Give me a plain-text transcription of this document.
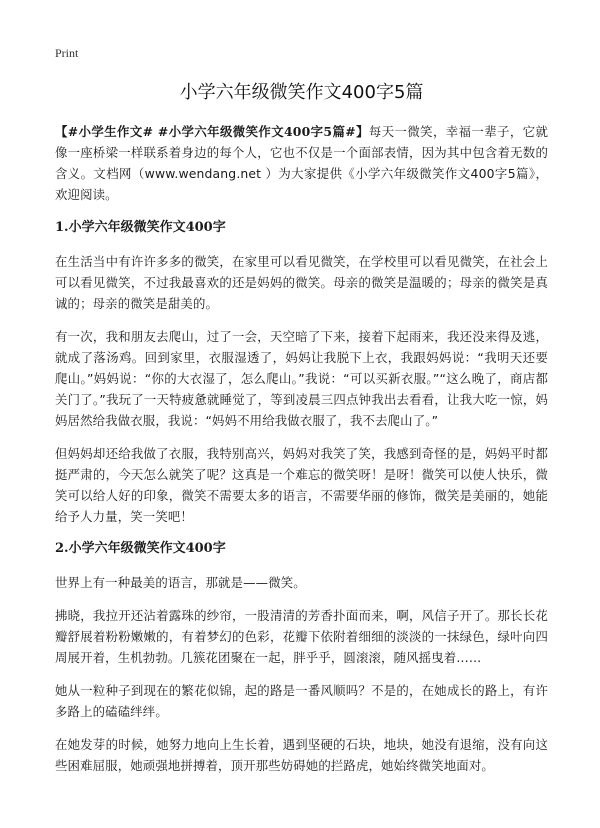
Print
小学六年级微笑作文400字5篇

【#小学生作文# #小学六年级微笑作文400字5篇#】每天一微笑，幸福一辈子，它就像一座桥梁一样联系着身边的每个人，它也不仅是一个面部表情，因为其中包含着无数的含义。文档网（www.wendang.net ）为大家提供《小学六年级微笑作文400字5篇》，欢迎阅读。

1.小学六年级微笑作文400字

在生活当中有许许多多的微笑，在家里可以看见微笑，在学校里可以看见微笑，在社会上可以看见微笑，不过我最喜欢的还是妈妈的微笑。母亲的微笑是温暖的；母亲的微笑是真诚的；母亲的微笑是甜美的。

有一次，我和朋友去爬山，过了一会，天空暗了下来，接着下起雨来，我还没来得及逃，就成了落汤鸡。回到家里，衣服湿透了，妈妈让我脱下上衣，我跟妈妈说：“我明天还要爬山。”妈妈说：“你的大衣湿了，怎么爬山。”我说：“可以买新衣服。”“这么晚了，商店都关门了。”我玩了一天特疲惫就睡觉了，等到凌晨三四点钟我出去看看，让我大吃一惊，妈妈居然给我做衣服，我说：“妈妈不用给我做衣服了，我不去爬山了。”

但妈妈却还给我做了衣服，我特别高兴，妈妈对我笑了笑，我感到奇怪的是，妈妈平时都挺严肃的，今天怎么就笑了呢？这真是一个难忘的微笑呀！是呀！微笑可以使人快乐，微笑可以给人好的印象，微笑不需要太多的语言，不需要华丽的修饰，微笑是美丽的，她能给予人力量，笑一笑吧！

2.小学六年级微笑作文400字

世界上有一种最美的语言，那就是——微笑。

拂晓，我拉开还沾着露珠的纱帘，一股清清的芳香扑面而来，啊，风信子开了。那长长花瓣舒展着粉粉嫩嫩的，有着梦幻的色彩，花瓣下依附着细细的淡淡的一抹绿色，绿叶向四周展开着，生机勃勃。几簇花团聚在一起，胖乎乎，圆滚滚，随风摇曳着……

她从一粒种子到现在的繁花似锦，起的路是一番风顺吗？不是的，在她成长的路上，有许多路上的磕磕绊绊。

在她发芽的时候，她努力地向上生长着，遇到坚硬的石块，地块，她没有退缩，没有向这些困难屈服，她顽强地拼搏着，顶开那些妨碍她的拦路虎，她始终微笑地面对。
